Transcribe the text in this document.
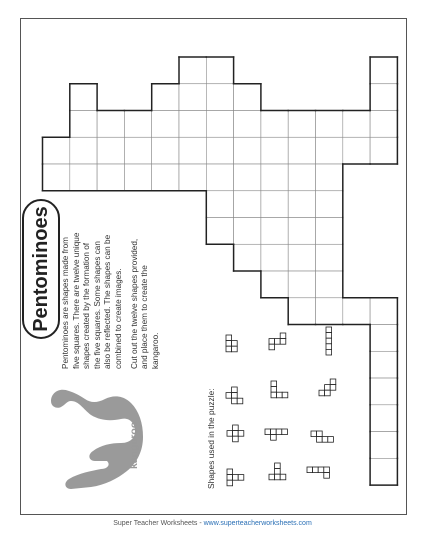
Pentominoes Pentominoes are shapes made from five squares. There are twelve unique shapes created by the formation of the five squares. Some shapes can also be reflected. The shapes can be combined to create images. Cut out the twelve shapes provided, and place them to create the kangaroo.

Shapes used in the puzzle:
kangaroo
Super Teacher Worksheets - www.superteacherworksheets.com
